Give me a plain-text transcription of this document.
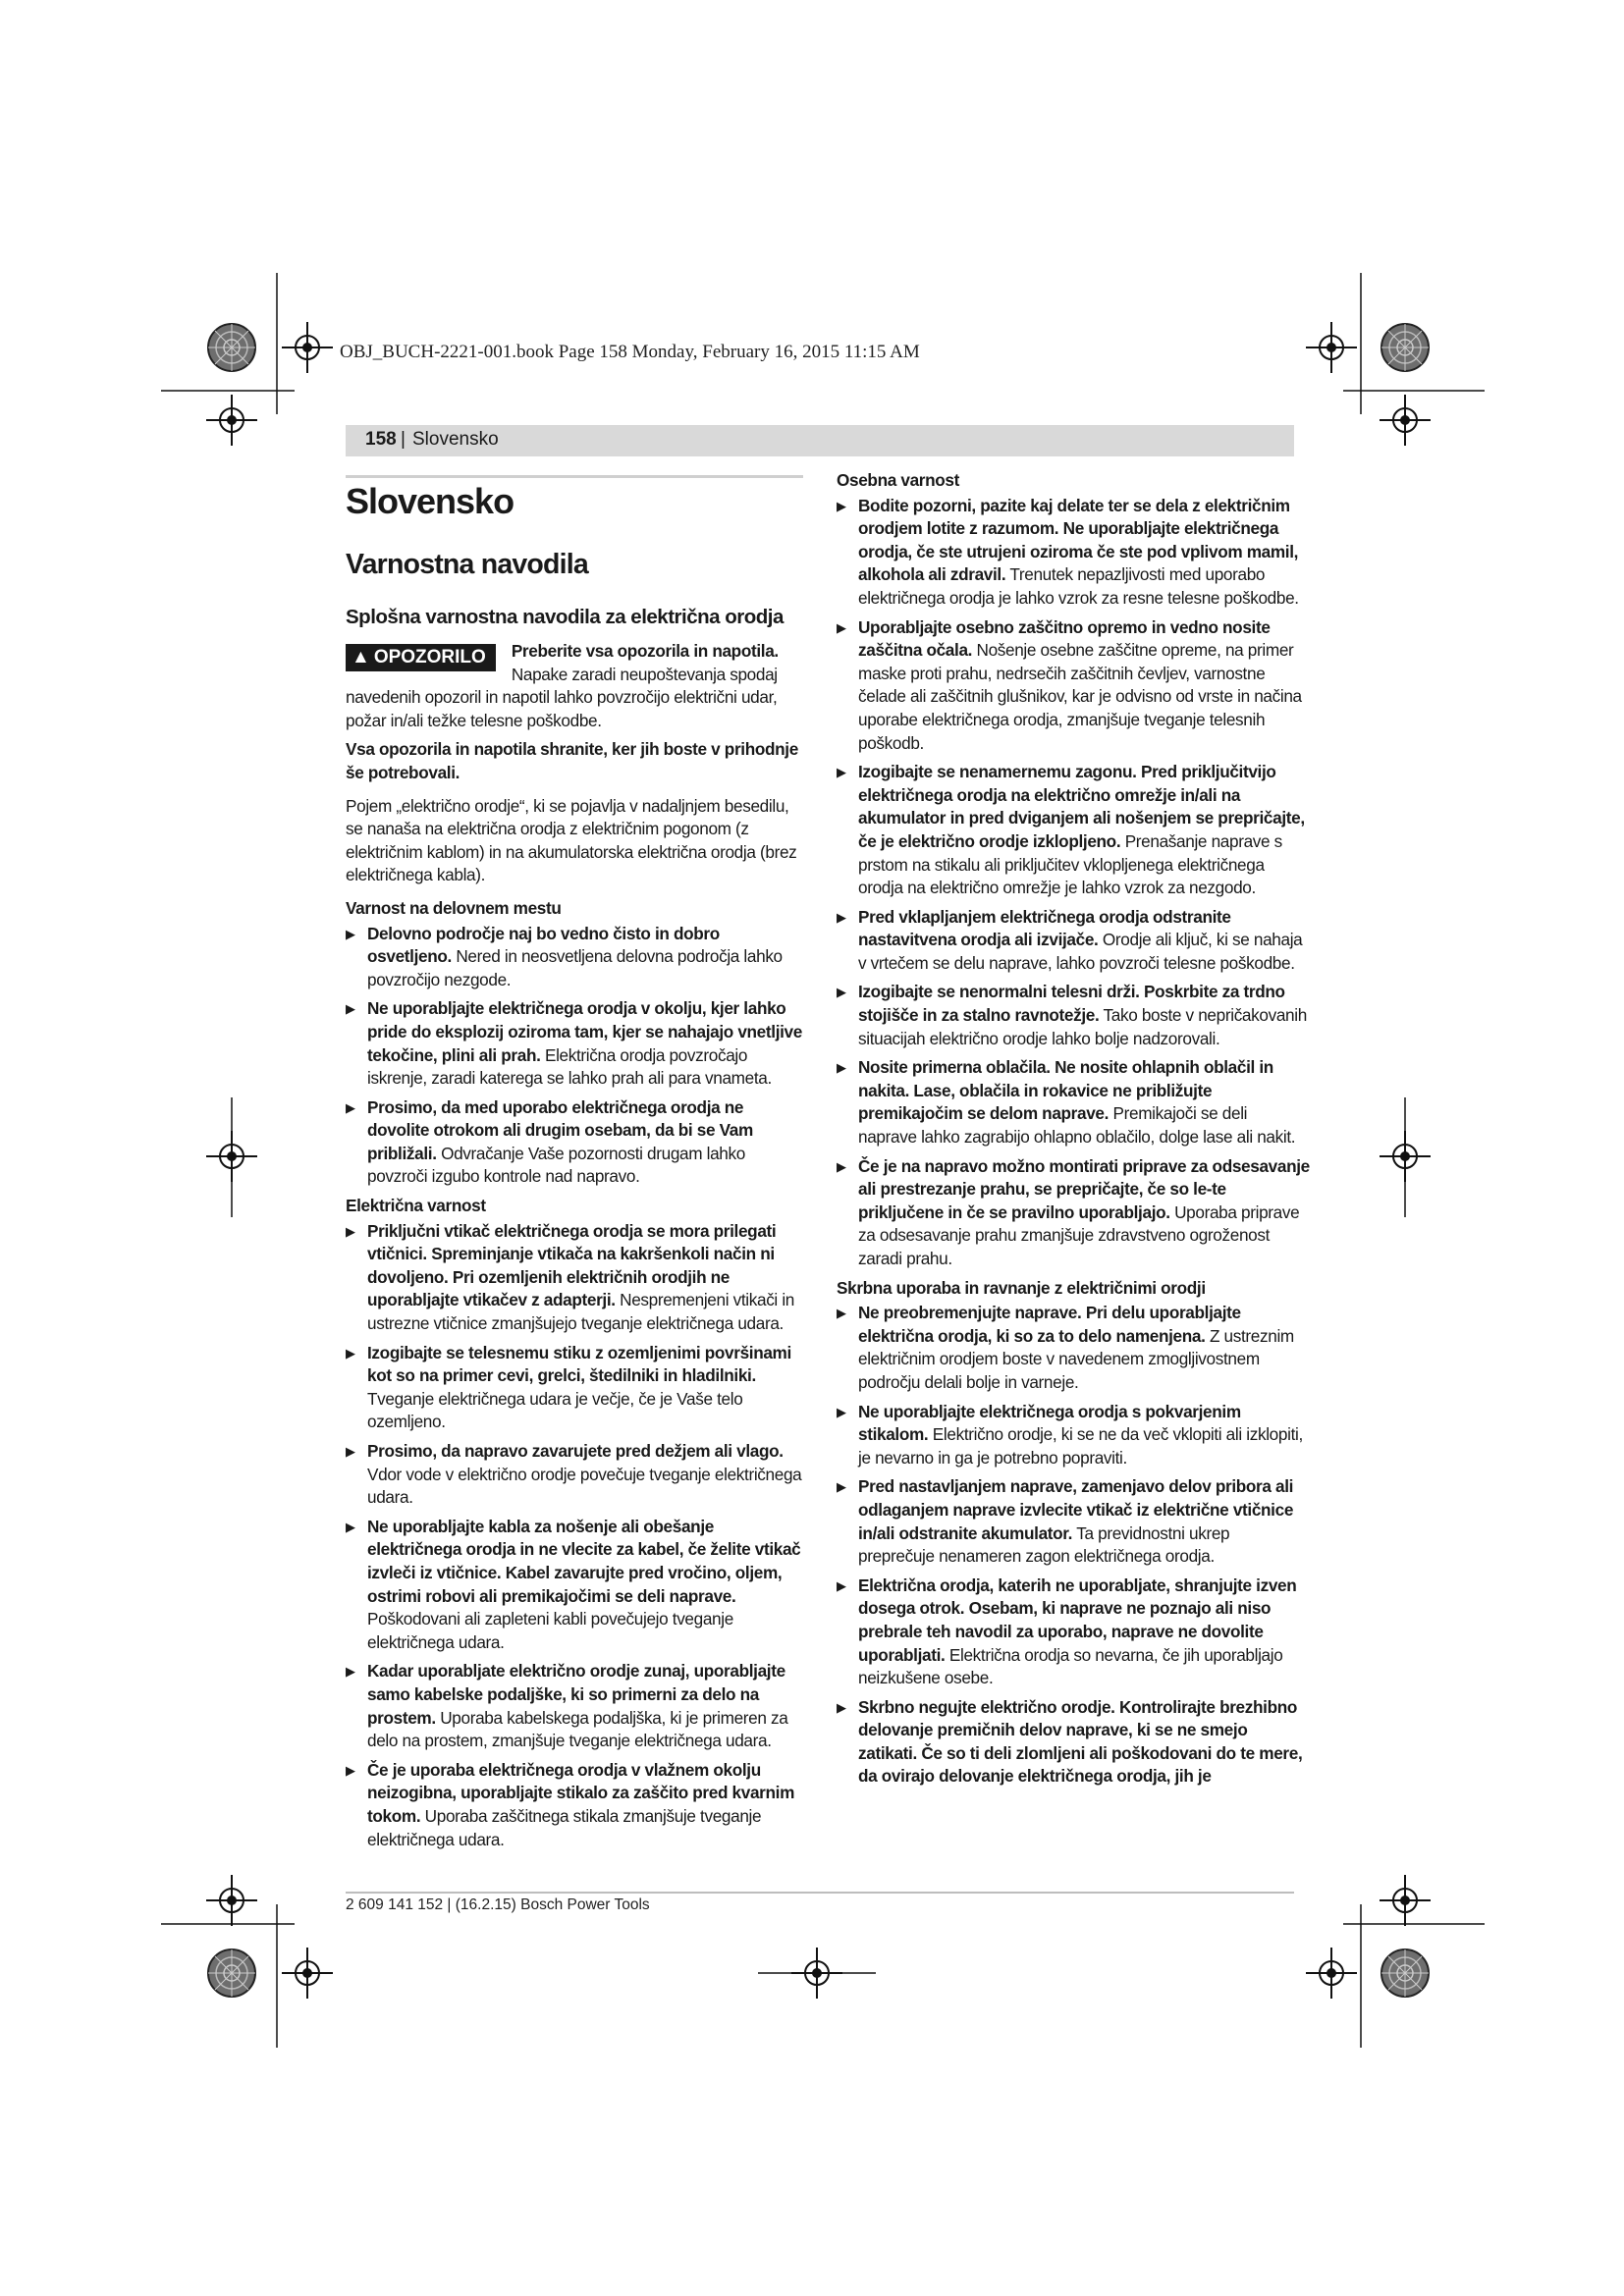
OBJ_BUCH-2221-001.book Page 158 Monday, February 16, 2015 11:15 AM
158 | Slovensko
Slovensko
Varnostna navodila
Splošna varnostna navodila za električna orodja
▲ OPOZORILO	Preberite vsa opozorila in napotila. Napake zaradi neupoštevanja spodaj navedenih opozoril in napotil lahko povzročijo električni udar, požar in/ali težke telesne poškodbe.

Vsa opozorila in napotila shranite, ker jih boste v prihodnje še potrebovali.

Pojem „električno orodje“, ki se pojavlja v nadaljnjem besedilu, se nanaša na električna orodja z električnim pogonom (z električnim kablom) in na akumulatorska električna orodja (brez električnega kabla).

Varnost na delovnem mestu
▶ Delovno področje naj bo vedno čisto in dobro osvetljeno. Nered in neosvetljena delovna področja lahko povzročijo nezgode.
▶ Ne uporabljajte električnega orodja v okolju, kjer lahko pride do eksplozij oziroma tam, kjer se nahajajo vnetljive tekočine, plini ali prah. Električna orodja povzročajo iskrenje, zaradi katerega se lahko prah ali para vnameta.
▶ Prosimo, da med uporabo električnega orodja ne dovolite otrokom ali drugim osebam, da bi se Vam približali. Odvračanje Vaše pozornosti drugam lahko povzroči izgubo kontrole nad napravo.
Električna varnost
▶ Priključni vtikač električnega orodja se mora prilegati vtičnici. Spreminjanje vtikača na kakršenkoli način ni dovoljeno. Pri ozemljenih električnih orodjih ne uporabljajte vtikačev z adapterji. Nespremenjeni vtikači in ustrezne vtičnice zmanjšujejo tveganje električnega udara.
▶ Izogibajte se telesnemu stiku z ozemljenimi površinami kot so na primer cevi, grelci, štedilniki in hladilniki. Tveganje električnega udara je večje, če je Vaše telo ozemljeno.
▶ Prosimo, da napravo zavarujete pred dežjem ali vlago. Vdor vode v električno orodje povečuje tveganje električnega udara.
▶ Ne uporabljajte kabla za nošenje ali obešanje električnega orodja in ne vlecite za kabel, če želite vtikač izvleči iz vtičnice. Kabel zavarujte pred vročino, oljem, ostrimi robovi ali premikajočimi se deli naprave. Poškodovani ali zapleteni kabli povečujejo tveganje električnega udara.
▶ Kadar uporabljate električno orodje zunaj, uporabljajte samo kabelske podaljške, ki so primerni za delo na prostem. Uporaba kabelskega podaljška, ki je primeren za delo na prostem, zmanjšuje tveganje električnega udara.
▶ Če je uporaba električnega orodja v vlažnem okolju neizogibna, uporabljajte stikalo za zaščito pred kvarnim tokom. Uporaba zaščitnega stikala zmanjšuje tveganje električnega udara.
Osebna varnost
▶ Bodite pozorni, pazite kaj delate ter se dela z električnim orodjem lotite z razumom. Ne uporabljajte električnega orodja, če ste utrujeni oziroma če ste pod vplivom mamil, alkohola ali zdravil. Trenutek nepazljivosti med uporabo električnega orodja je lahko vzrok za resne telesne poškodbe.
▶ Uporabljajte osebno zaščitno opremo in vedno nosite zaščitna očala. Nošenje osebne zaščitne opreme, na primer maske proti prahu, nedrsečih zaščitnih čevljev, varnostne čelade ali zaščitnih glušnikov, kar je odvisno od vrste in načina uporabe električnega orodja, zmanjšuje tveganje telesnih poškodb.
▶ Izogibajte se nenamernemu zagonu. Pred priključitvijo električnega orodja na električno omrežje in/ali na akumulator in pred dviganjem ali nošenjem se prepričajte, če je električno orodje izklopljeno. Prenašanje naprave s prstom na stikalu ali priključitev vklopljenega električnega orodja na električno omrežje je lahko vzrok za nezgodo.
▶ Pred vklapljanjem električnega orodja odstranite nastavitvena orodja ali izvijače. Orodje ali ključ, ki se nahaja v vrtečem se delu naprave, lahko povzroči telesne poškodbe.
▶ Izogibajte se nenormalni telesni drži. Poskrbite za trdno stojišče in za stalno ravnotežje. Tako boste v nepričakovanih situacijah električno orodje lahko bolje nadzorovali.
▶ Nosite primerna oblačila. Ne nosite ohlapnih oblačil in nakita. Lase, oblačila in rokavice ne približujte premikajočim se delom naprave. Premikajoči se deli naprave lahko zagrabijo ohlapno oblačilo, dolge lase ali nakit.
▶ Če je na napravo možno montirati priprave za odsesavanje ali prestrezanje prahu, se prepričajte, če so le-te priključene in če se pravilno uporabljajo. Uporaba priprave za odsesavanje prahu zmanjšuje zdravstveno ogroženost zaradi prahu.
Skrbna uporaba in ravnanje z električnimi orodji
▶ Ne preobremenjujte naprave. Pri delu uporabljajte električna orodja, ki so za to delo namenjena. Z ustreznim električnim orodjem boste v navedenem zmogljivostnem področju delali bolje in varneje.
▶ Ne uporabljajte električnega orodja s pokvarjenim stikalom. Električno orodje, ki se ne da več vklopiti ali izklopiti, je nevarno in ga je potrebno popraviti.
▶ Pred nastavljanjem naprave, zamenjavo delov pribora ali odlaganjem naprave izvlecite vtikač iz električne vtičnice in/ali odstranite akumulator. Ta previdnostni ukrep preprečuje nenameren zagon električnega orodja.
▶ Električna orodja, katerih ne uporabljate, shranjujte izven dosega otrok. Osebam, ki naprave ne poznajo ali niso prebrale teh navodil za uporabo, naprave ne dovolite uporabljati. Električna orodja so nevarna, če jih uporabljajo neizkušene osebe.
▶ Skrbno negujte električno orodje. Kontrolirajte brezhibno delovanje premičnih delov naprave, ki se ne smejo zatikati. Če so ti deli zlomljeni ali poškodovani do te mere, da ovirajo delovanje električnega orodja, jih je
2 609 141 152 | (16.2.15) Bosch Power Tools
